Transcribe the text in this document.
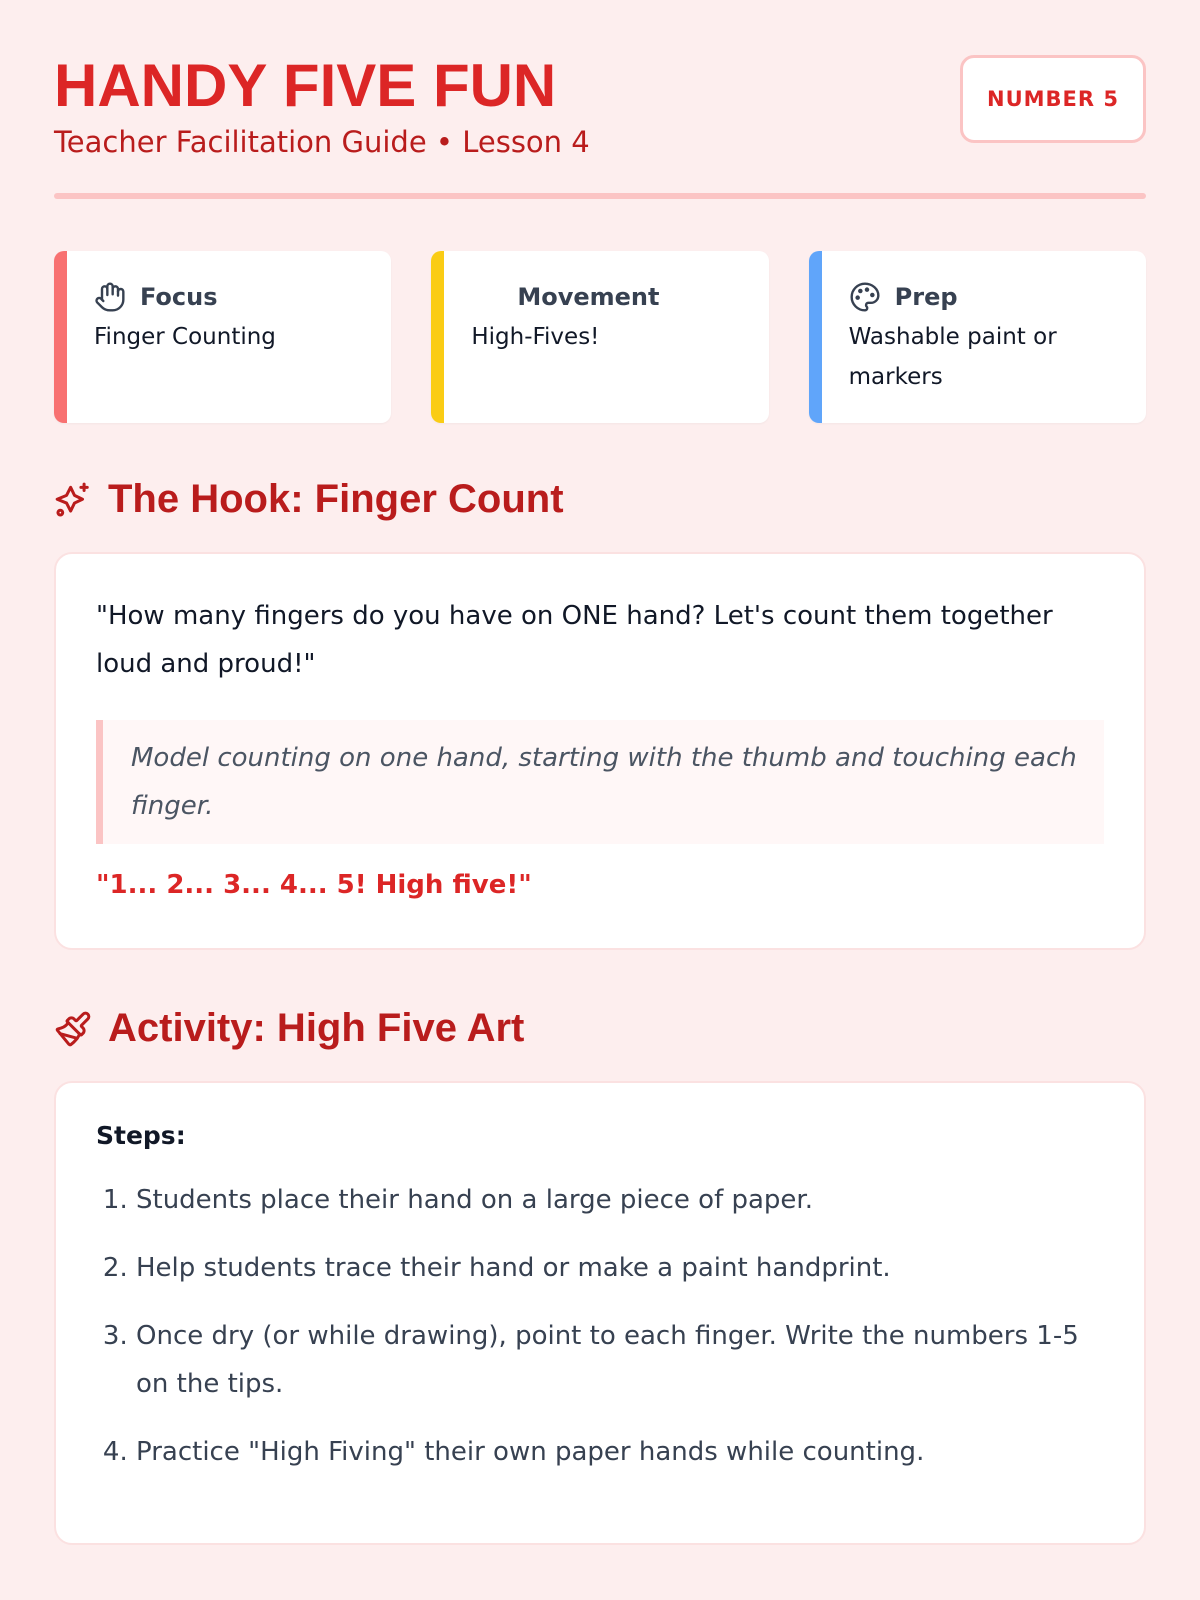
HANDY FIVE FUN

Teacher Facilitation Guide • Lesson 4

NUMBER 5
Focus
Finger Counting
Movement
High-Fives!
Prep
Washable paint or markers
The Hook: Finger Count

"How many fingers do you have on ONE hand? Let's count them together loud and proud!"

Model counting on one hand, starting with the thumb and touching each finger.

"1... 2... 3... 4... 5! High five!"

Activity: High Five Art

Steps:

1. Students place their hand on a large piece of paper.
2. Help students trace their hand or make a paint handprint.
3. Once dry (or while drawing), point to each finger. Write the numbers 1-5 on the tips.
4. Practice "High Fiving" their own paper hands while counting.
